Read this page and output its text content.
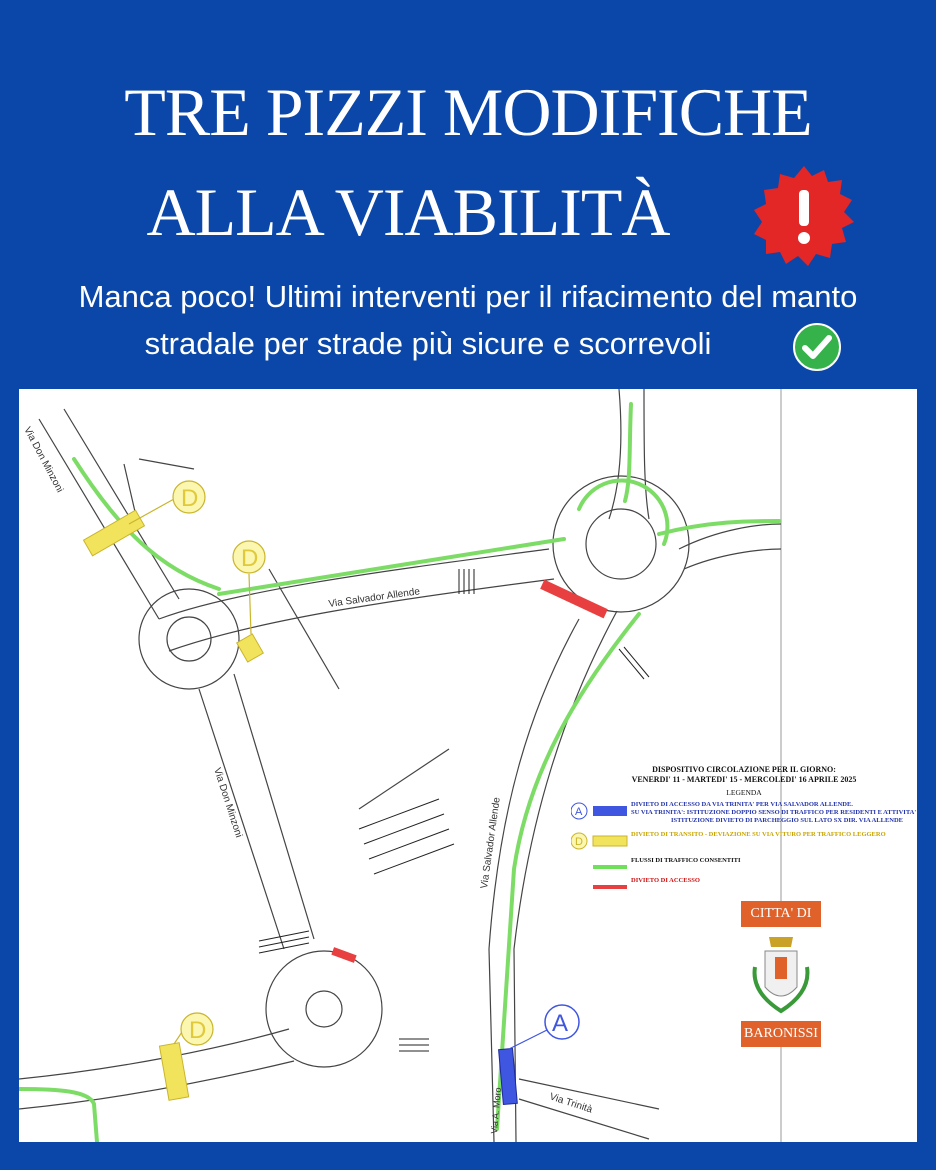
TRE PIZZI MODIFICHE
ALLA VIABILITÀ
Manca poco! Ultimi interventi per il rifacimento del manto
stradale per strade più sicure e scorrevoli
Via Don Minzoni
Via Salvador Allende
Via Don Minzoni	Via Salvador Allende
Via Trinità
Via A. Moro
D
D
D	A
DISPOSITIVO CIRCOLAZIONE PER IL GIORNO:
VENERDI' 11 - MARTEDI' 15 - MERCOLEDI' 16 APRILE 2025
LEGENDA
A
DIVIETO DI ACCESSO DA VIA TRINITA' PER VIA SALVADOR ALLENDE.
SU VIA TRINITA': ISTITUZIONE DOPPIO SENSO DI TRAFFICO PER RESIDENTI E ATTIVITA'
ISTITUZIONE DIVIETO DI PARCHEGGIO SUL LATO SX DIR. VIA ALLENDE
D
DIVIETO DI TRANSITO - DEVIAZIONE SU VIA VITURO PER TRAFFICO LEGGERO
FLUSSI DI TRAFFICO CONSENTITI
DIVIETO DI ACCESSO
CITTA' DI
BARONISSI
